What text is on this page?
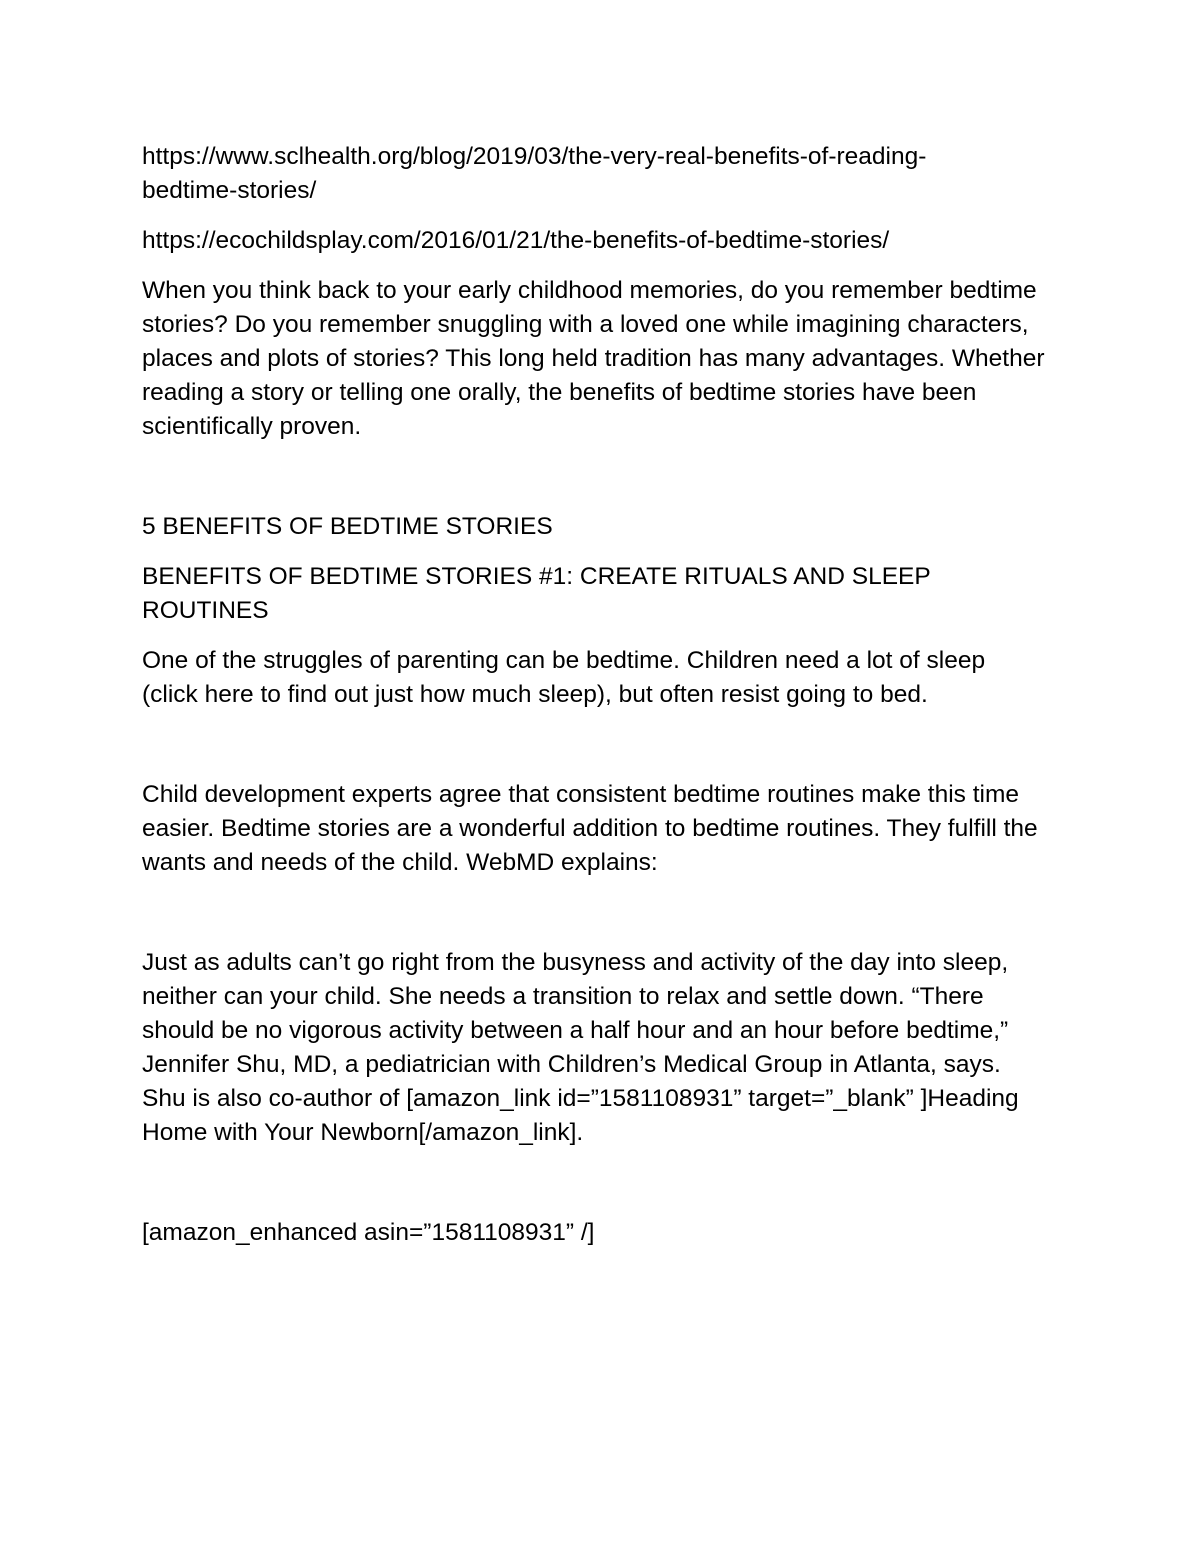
https://www.sclhealth.org/blog/2019/03/the-very-real-benefits-of-reading-
bedtime-stories/

https://ecochildsplay.com/2016/01/21/the-benefits-of-bedtime-stories/

When you think back to your early childhood memories, do you remember bedtime stories? Do you remember snuggling with a loved one while imagining characters, places and plots of stories? This long held tradition has many advantages. Whether reading a story or telling one orally, the benefits of bedtime stories have been scientifically proven.

5 BENEFITS OF BEDTIME STORIES

BENEFITS OF BEDTIME STORIES #1: CREATE RITUALS AND SLEEP ROUTINES

One of the struggles of parenting can be bedtime. Children need a lot of sleep (click here to find out just how much sleep), but often resist going to bed.

Child development experts agree that consistent bedtime routines make this time easier. Bedtime stories are a wonderful addition to bedtime routines. They fulfill the wants and needs of the child. WebMD explains:

Just as adults can’t go right from the busyness and activity of the day into sleep, neither can your child. She needs a transition to relax and settle down. “There should be no vigorous activity between a half hour and an hour before bedtime,” Jennifer Shu, MD, a pediatrician with Children’s Medical Group in Atlanta, says. Shu is also co-author of [amazon_link id=”1581108931” target=”_blank” ]Heading Home with Your Newborn[/amazon_link].

[amazon_enhanced asin=”1581108931” /]
